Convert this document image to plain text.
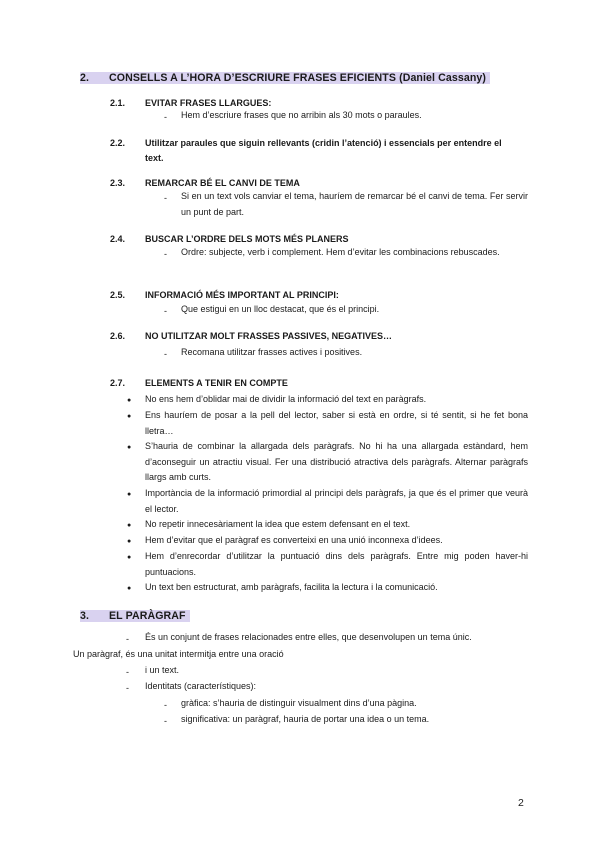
2. CONSELLS A L’HORA D’ESCRIURE FRASES EFICIENTS (Daniel Cassany)
2.1. EVITAR FRASES LLARGUES:
- Hem d’escriure frases que no arribin als 30 mots o paraules.
2.2. Utilitzar paraules que siguin rellevants (cridin l’atenció) i essencials per entendre el
text.
2.3. REMARCAR BÉ EL CANVI DE TEMA
- Si en un text vols canviar el tema, hauríem de remarcar bé el canvi de tema. Fer servir un punt de part.
2.4. BUSCAR L’ORDRE DELS MOTS MÉS PLANERS
- Ordre: subjecte, verb i complement. Hem d’evitar les combinacions rebuscades.
2.5. INFORMACIÓ MÉS IMPORTANT AL PRINCIPI:
- Que estigui en un lloc destacat, que és el principi.
2.6. NO UTILITZAR MOLT FRASSES PASSIVES, NEGATIVES…
- Recomana utilitzar frasses actives i positives.
2.7. ELEMENTS A TENIR EN COMPTE
● No ens hem d’oblidar mai de dividir la informació del text en paràgrafs.
● Ens hauríem de posar a la pell del lector, saber si està en ordre, si té sentit, si he fet bona lletra…
● S’hauria de combinar la allargada dels paràgrafs. No hi ha una allargada estàndard, hem d’aconseguir un atractiu visual. Fer una distribució atractiva dels paràgrafs. Alternar paràgrafs llargs amb curts.
● Importància de la informació primordial al principi dels paràgrafs, ja que és el primer que veurà el lector.
● No repetir innecesàriament la idea que estem defensant en el text.
● Hem d’evitar que el paràgraf es converteixi en una unió inconnexa d’idees.
● Hem d’enrecordar d’utilitzar la puntuació dins dels paràgrafs. Entre mig poden haver-hi puntuacions.
● Un text ben estructurat, amb paràgrafs, facilita la lectura i la comunicació.
3. EL PARÀGRAF
- És un conjunt de frases relacionades entre elles, que desenvolupen un tema únic.
Un paràgraf, és una unitat intermitja entre una oració
- i un text.
- Identitats (característiques):
- gràfica: s’hauria de distinguir visualment dins d’una pàgina.
- significativa: un paràgraf, hauria de portar una idea o un tema.
2
